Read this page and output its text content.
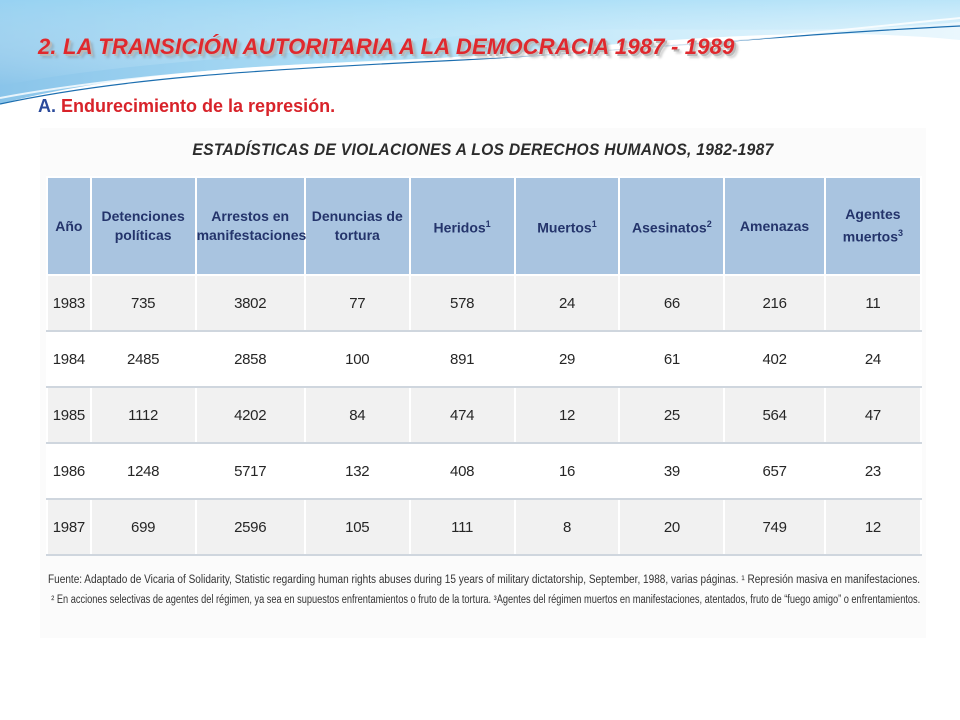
2. LA TRANSICIÓN AUTORITARIA A LA DEMOCRACIA 1987 - 1989

A. Endurecimiento de la represión.

ESTADÍSTICAS DE VIOLACIONES A LOS DERECHOS HUMANOS, 1982-1987
Año	Detenciones políticas	Arrestos en manifestaciones	Denuncias de tortura	Heridos$^1$	Muertos$^1$	Asesinatos$^2$	Amenazas	Agentes muertos$^3$
1983	735	3802	77	578	24	66	216	11
1984	2485	2858	100	891	29	61	402	24
1985	1112	4202	84	474	12	25	564	47
1986	1248	5717	132	408	16	39	657	23
1987	699	2596	105	111	8	20	749	12

Fuente: Adaptado de Vicaria of Solidarity, Statistic regarding human rights abuses during 15 years of military dictatorship, September, 1988, varias páginas. ¹ Represión masiva en manifestaciones.
² En acciones selectivas de agentes del régimen, ya sea en supuestos enfrentamientos o fruto de la tortura. ³Agentes del régimen muertos en manifestaciones, atentados, fruto de “fuego amigo” o enfrentamientos.
